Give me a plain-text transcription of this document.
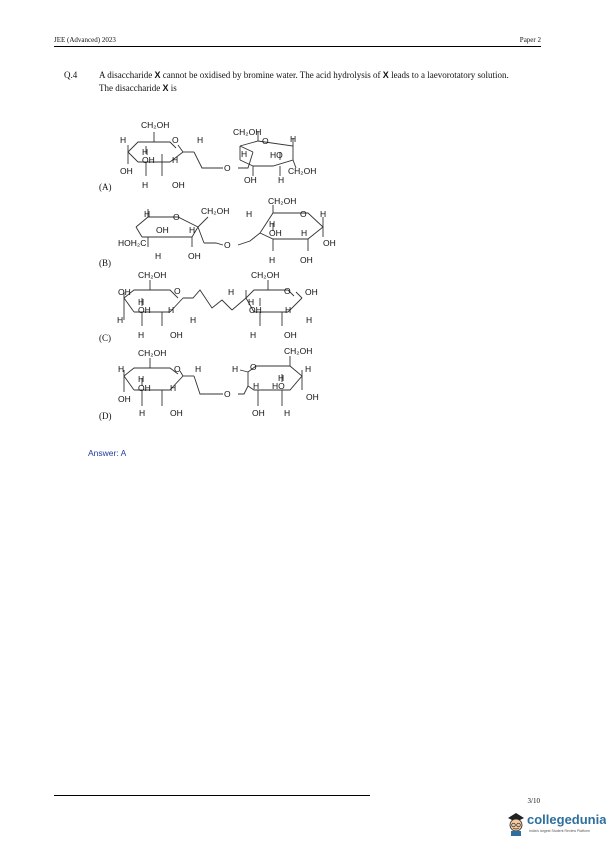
JEE (Advanced) 2023	Paper 2
Q.4 A disaccharide X cannot be oxidised by bromine water. The acid hydrolysis of X leads to a laevorotatory solution. The disaccharide X is
(A)
CH₂OH
O H
H
H
OH H
OH
H	OH
O
CH₂OH
O	H
H	HO
CH₂OH
OH	H
(B)
H	O
CH₂OH
OH H
HOH₂C
H	OH
O
H
CH₂OH
O H
H
OH H
OH
H	OH
(C)
CH₂OH
O
OH
H
OH H
H
H
H	OH
H
CH₂OH
O OH
H
OH	H
H
H	OH
(D)
CH₂OH
O H
H
H
OH H
OH
H	OH
O
H O
CH₂OH
H
H
H HO
OH
OH H
Answer: A
3/10
collegedunia
India's largest Student Review Platform
